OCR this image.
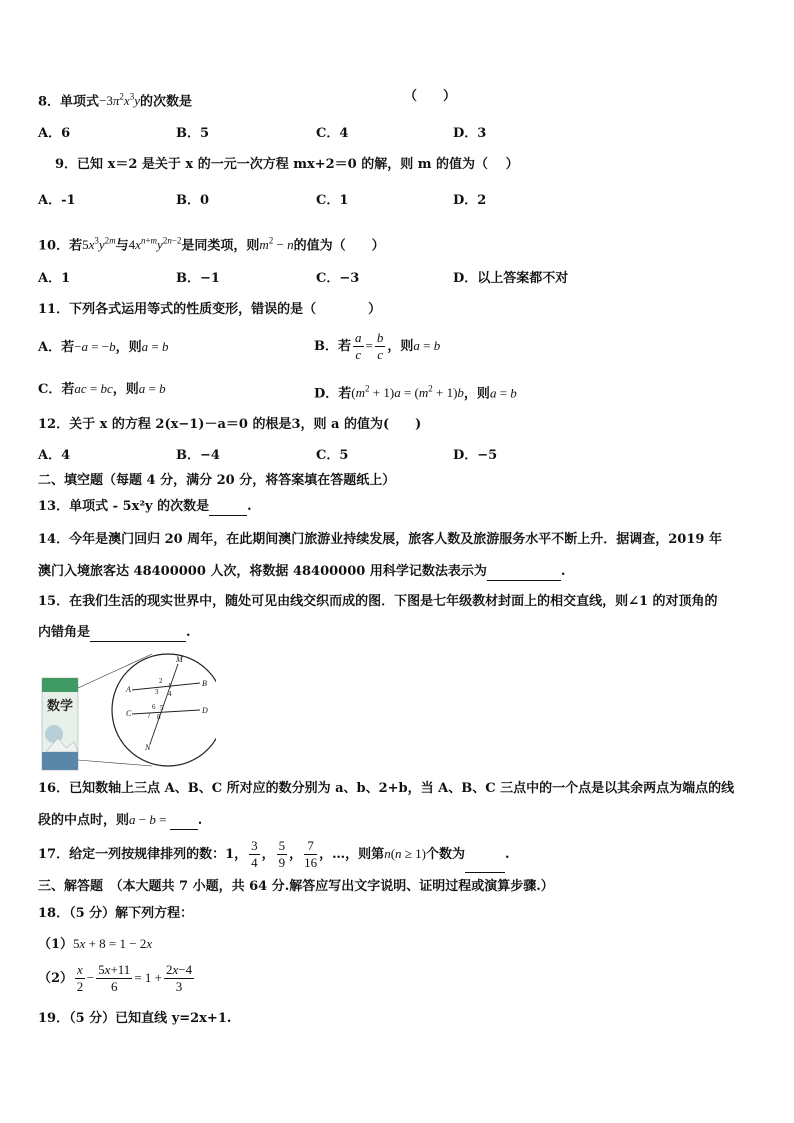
8．单项式$-3\pi^2x^3y$的次数是	（　　）
A．6	B．5	C．4	D．3
9．已知 x＝2 是关于 x 的一元一次方程 mx+2＝0 的解，则 m 的值为（　 ）
A．-1	B．0	C．1	D．2
10．若$5x^3y^{2m}$与$4x^{n+m}y^{2n-2}$是同类项，则$m^2 - n$的值为（　　）
A．1	B．−1	C．−3	D．以上答案都不对
11．下列各式运用等式的性质变形，错误的是（　　　　）
A．若−a = −b，则a = b	B．若 $\frac{a}{c} = \frac{b}{c}$ ，则a = b
C．若ac = bc，则a = b	D．若$(m^2 + 1)a = (m^2 + 1)b$，则a = b
12．关于 x 的方程 2(x−1)－a＝0 的根是3，则 a 的值为(　　)
A．4	B．−4	C．5	D．−5
二、填空题（每题 4 分，满分 20 分，将答案填在答题纸上）
13．单项式 - 5x²y 的次数是	.
14．今年是澳门回归 20 周年，在此期间澳门旅游业持续发展，旅客人数及旅游服务水平不断上升．据调查，2019 年
澳门入境旅客达 48400000 人次，将数据 48400000 用科学记数法表示为	.
15．在我们生活的现实世界中，随处可见由线交织而成的图．下图是七年级教材封面上的相交直线，则∠1 的对顶角的
内错角是	.
数学
M
A
B
C	D
N
1
2
3 4
5
6
7 8
16．已知数轴上三点 A、B、C 所对应的数分别为 a、b、2+b，当 A、B、C 三点中的一个点是以其余两点为端点的线
段的中点时，则a − b = .
17．给定一列按规律排列的数：1， $\frac{3}{4}$ ， $\frac{5}{9}$ ， $\frac{7}{16}$ ，…，则第n(n ≥ 1)个数为	.
三、解答题　（本大题共 7 小题，共 64 分.解答应写出文字说明、证明过程或演算步骤.）
18．（5 分）解下列方程：
（1）5x + 8 = 1 − 2x
$(2) \frac{x}{2} - \frac{5x+11}{6} = 1 + \frac{2x-4}{3}$
19．（5 分）已知直线 y=2x+1.
